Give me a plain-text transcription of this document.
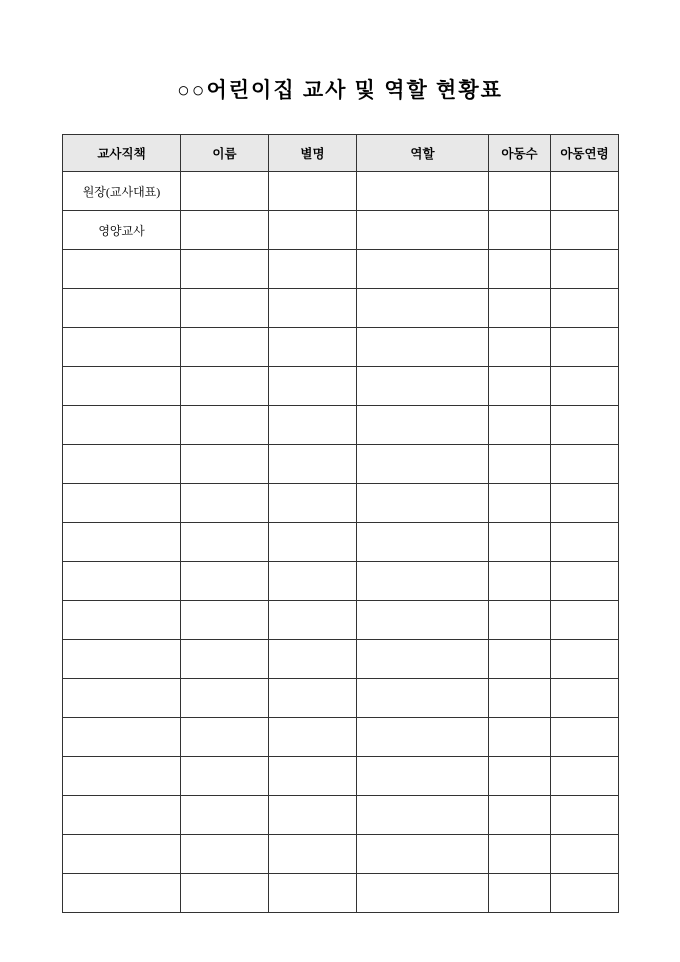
○○어린이집 교사 및 역할 현황표
교사직책	이름	별명	역할	아동수	아동연령
원장(교사대표)					
영양교사					
